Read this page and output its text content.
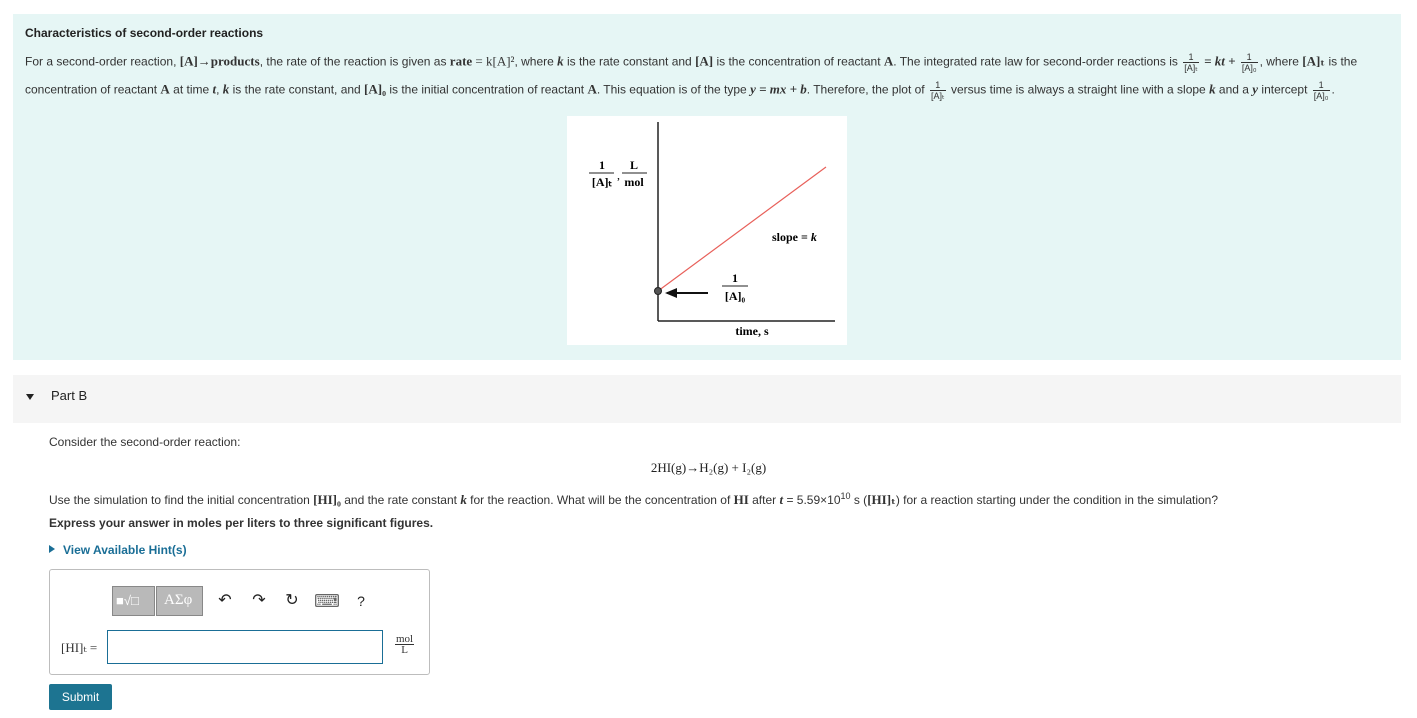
Characteristics of second-order reactions
For a second-order reaction, [A]→products, the rate of the reaction is given as rate = k[A]², where k is the rate constant and [A] is the concentration of reactant A. The integrated rate law for second-order reactions is $\frac{1}{\text{[A]ₜ}}$ = kt + $\frac{1}{\text{[A]₀}}$ , where [A]ₜ is the
concentration of reactant A at time t, k is the rate constant, and [A]₀ is the initial concentration of reactant A. This equation is of the type y = mx + b. Therefore, the plot of $\frac{1}{\text{[A]ₜ}}$ versus time is always a straight line with a slope k and a y intercept $\frac{1}{\text{[A]₀}}$ .
1
[A]ₜ ,
L
mol
slope = k
1
[A]₀
time, s
Part B
Consider the second-order reaction:
2HI(g)→H₂(g) + I₂(g)
Use the simulation to find the initial concentration [HI]₀ and the rate constant k for the reaction. What will be the concentration of HI after $t = 5.59\times 10^{10}$ s ([HI]ₜ) for a reaction starting under the condition in the simulation?
Express your answer in moles per liters to three significant figures.
View Available Hint(s)
■√□ AΣφ ↶ ↷ ↻ ⌨	?
[HI]ₜ =
mol
L
Submit
